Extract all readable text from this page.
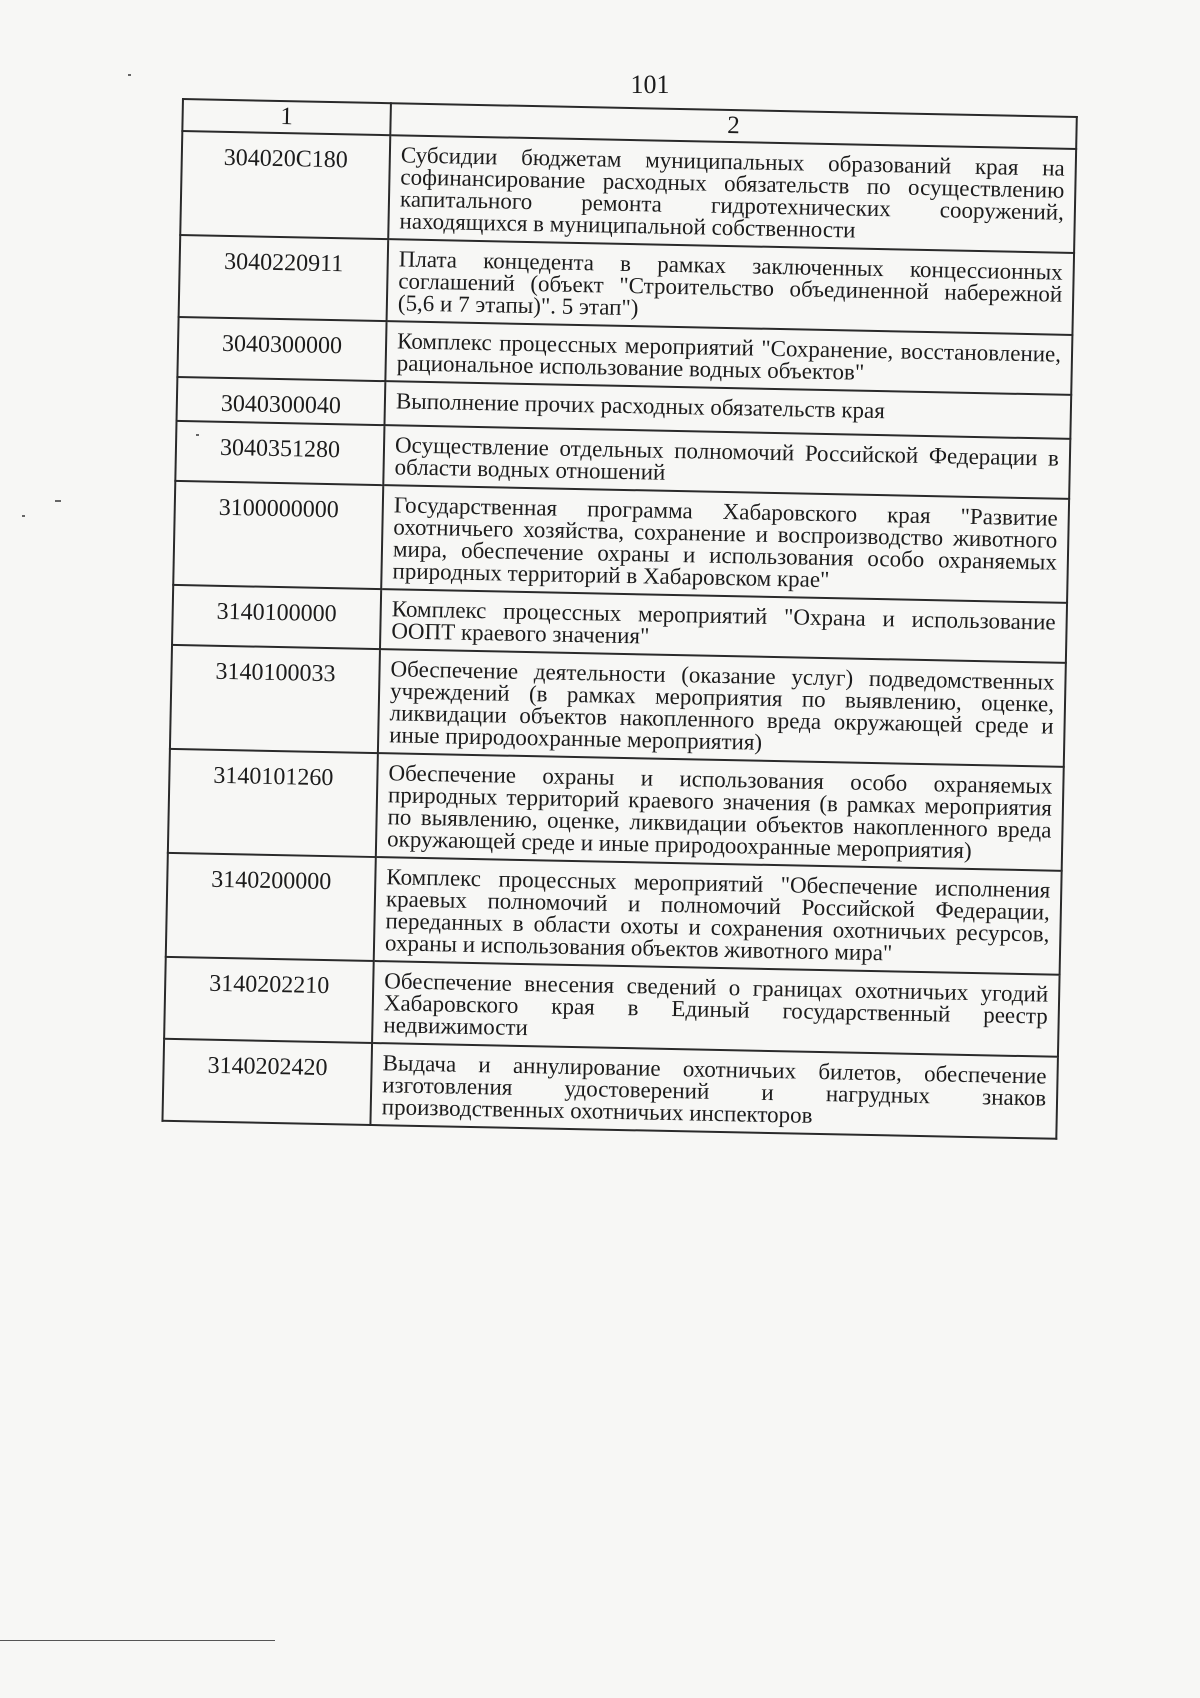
101
1	2
304020С180	Субсидии бюджетам муниципальных образований края на софинансирование расходных обязательств по осуществлению капитального ремонта гидротехнических сооружений, находящихся в муниципальной собственности
3040220911	Плата концедента в рамках заключенных концессионных соглашений (объект "Строительство объединенной набережной (5,6 и 7 этапы)". 5 этап")
3040300000	Комплекс процессных мероприятий "Сохранение, восстановление, рациональное использование водных объектов"
3040300040	Выполнение прочих расходных обязательств края
3040351280	Осуществление отдельных полномочий Российской Федерации в области водных отношений
3100000000	Государственная программа Хабаровского края "Развитие охотничьего хозяйства, сохранение и воспроизводство животного мира, обеспечение охраны и использования особо охраняемых природных территорий в Хабаровском крае"
3140100000	Комплекс процессных мероприятий "Охрана и использование ООПТ краевого значения"
3140100033	Обеспечение деятельности (оказание услуг) подведомственных учреждений (в рамках мероприятия по выявлению, оценке, ликвидации объектов накопленного вреда окружающей среде и иные природоохранные мероприятия)
3140101260	Обеспечение охраны и использования особо охраняемых природных территорий краевого значения (в рамках мероприятия по выявлению, оценке, ликвидации объектов накопленного вреда окружающей среде и иные природоохранные мероприятия)
3140200000	Комплекс процессных мероприятий "Обеспечение исполнения краевых полномочий и полномочий Российской Федерации, переданных в области охоты и сохранения охотничьих ресурсов, охраны и использования объектов животного мира"
3140202210	Обеспечение внесения сведений о границах охотничьих угодий Хабаровского края в Единый государственный реестр недвижимости
3140202420	Выдача и аннулирование охотничьих билетов, обеспечение изготовления удостоверений и нагрудных знаков производственных охотничьих инспекторов
